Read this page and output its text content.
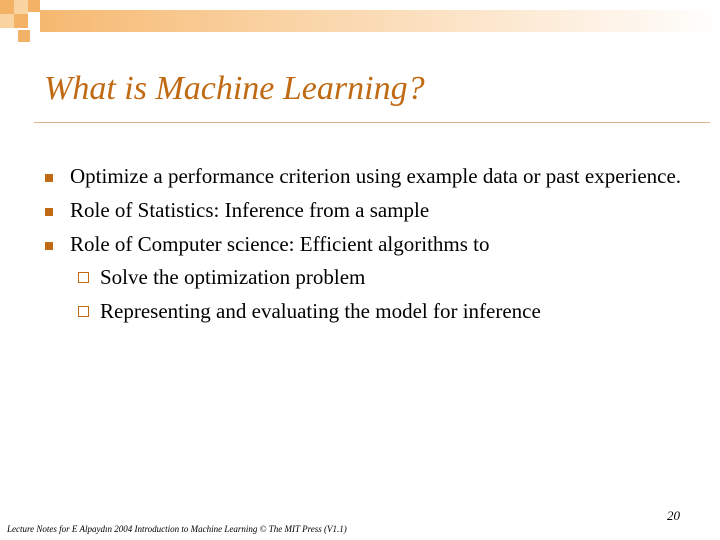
What is Machine Learning?
Optimize a performance criterion using example data or past experience.
Role of Statistics: Inference from a sample
Role of Computer science: Efficient algorithms to
Solve the optimization problem
Representing and evaluating the model for inference
20
Lecture Notes for E Alpaydın 2004 Introduction to Machine Learning © The MIT Press (V1.1)
